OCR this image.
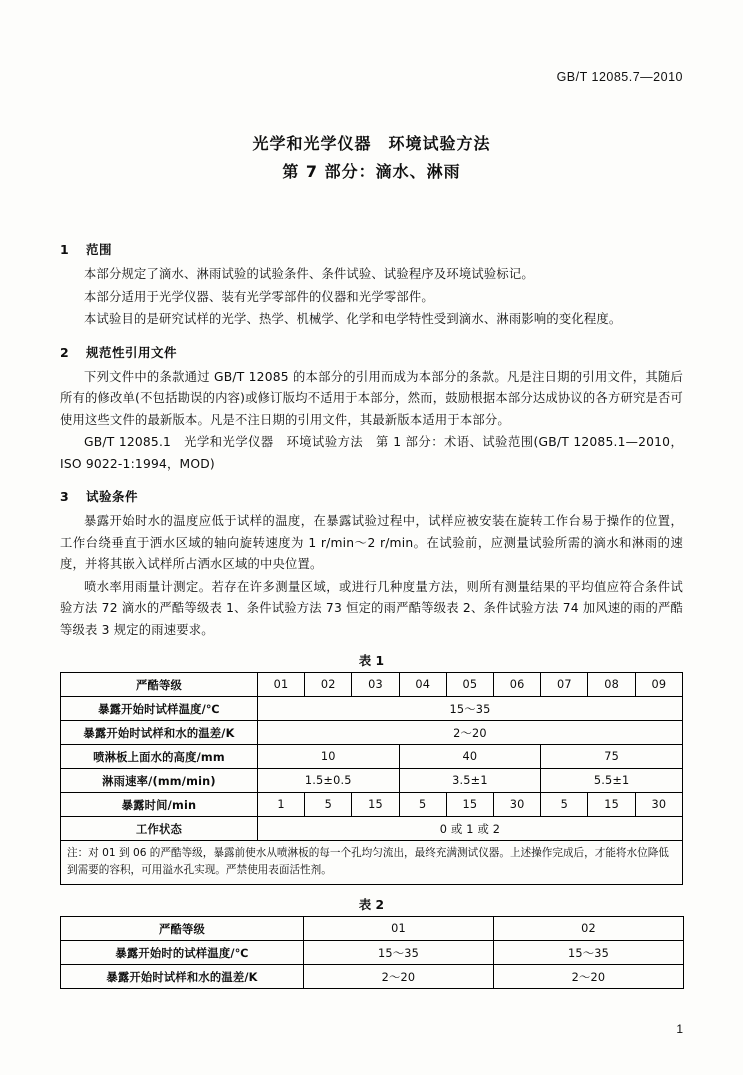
GB/T 12085.7—2010
光学和光学仪器　环境试验方法
第 7 部分：滴水、淋雨
1 范围

本部分规定了滴水、淋雨试验的试验条件、条件试验、试验程序及环境试验标记。

本部分适用于光学仪器、装有光学零部件的仪器和光学零部件。

本试验目的是研究试样的光学、热学、机械学、化学和电学特性受到滴水、淋雨影响的变化程度。

2 规范性引用文件

下列文件中的条款通过 GB/T 12085 的本部分的引用而成为本部分的条款。凡是注日期的引用文件，其随后所有的修改单(不包括勘误的内容)或修订版均不适用于本部分，然而，鼓励根据本部分达成协议的各方研究是否可使用这些文件的最新版本。凡是不注日期的引用文件，其最新版本适用于本部分。

GB/T 12085.1　光学和光学仪器　环境试验方法　第 1 部分：术语、试验范围(GB/T 12085.1—2010，ISO 9022-1:1994，MOD)

3 试验条件

暴露开始时水的温度应低于试样的温度，在暴露试验过程中，试样应被安装在旋转工作台易于操作的位置，工作台绕垂直于洒水区域的轴向旋转速度为 1 r/min～2 r/min。在试验前，应测量试验所需的滴水和淋雨的速度，并将其嵌入试样所占洒水区域的中央位置。

喷水率用雨量计测定。若存在许多测量区域，或进行几种度量方法，则所有测量结果的平均值应符合条件试验方法 72 滴水的严酷等级表 1、条件试验方法 73 恒定的雨严酷等级表 2、条件试验方法 74 加风速的雨的严酷等级表 3 规定的雨速要求。

表 1
严酷等级	01	02	03	04	05	06	07	08	09
暴露开始时试样温度/℃	15～35								
暴露开始时试样和水的温差/K	2～20								
喷淋板上面水的高度/mm	10			40			75		
淋雨速率/(mm/min)	1.5±0.5			3.5±1			5.5±1		
暴露时间/min	1	5	15	5	15	30	5	15	30
工作状态	0 或 1 或 2								
注：对 01 到 06 的严酷等级，暴露前使水从喷淋板的每一个孔均匀流出，最终充满测试仪器。上述操作完成后，才能将水位降低到需要的容积，可用溢水孔实现。严禁使用表面活性剂。									
表 2
严酷等级	01	02
暴露开始时的试样温度/℃	15～35	15～35
暴露开始时试样和水的温差/K	2～20	2～20
1
